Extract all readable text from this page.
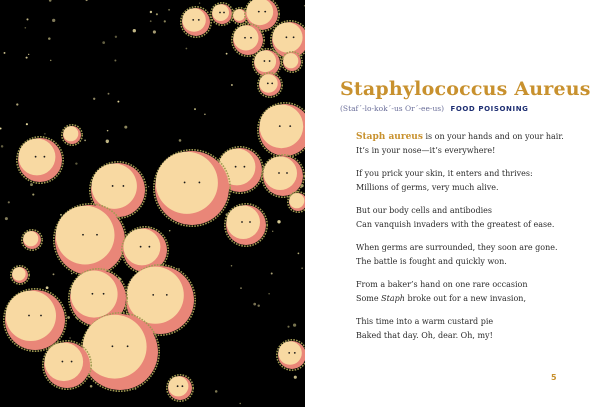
Staphylococcus Aureus
(Staf´-lo-kok´-us Or´-ee-us) FOOD POISONING
Staph aureus is on your hands and on your hair.
It’s in your nose—it’s everywhere!
If you prick your skin, it enters and thrives:
Millions of germs, very much alive.
But our body cells and antibodies
Can vanquish invaders with the greatest of ease.
When germs are surrounded, they soon are gone.
The battle is fought and quickly won.
From a baker’s hand on one rare occasion
Some Staph broke out for a new invasion,
This time into a warm custard pie
Baked that day. Oh, dear. Oh, my!
5
